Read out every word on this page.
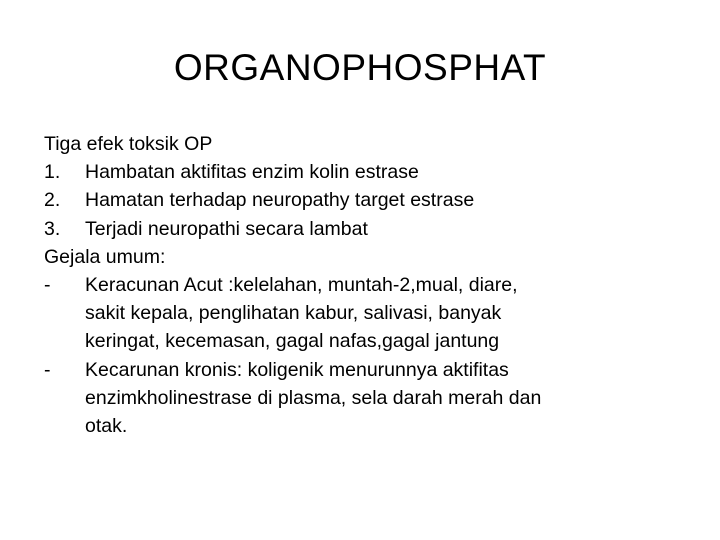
ORGANOPHOSPHAT
Tiga efek toksik OP
1.	Hambatan aktifitas enzim kolin estrase
2.	Hamatan terhadap neuropathy target estrase
3.	Terjadi neuropathi secara lambat
Gejala umum:
-	Keracunan Acut :kelelahan, muntah-2,mual, diare,
sakit kepala, penglihatan kabur, salivasi, banyak
keringat, kecemasan, gagal nafas,gagal jantung
-	Kecarunan kronis: koligenik menurunnya aktifitas
enzimkholinestrase di plasma, sela darah merah dan
otak.
